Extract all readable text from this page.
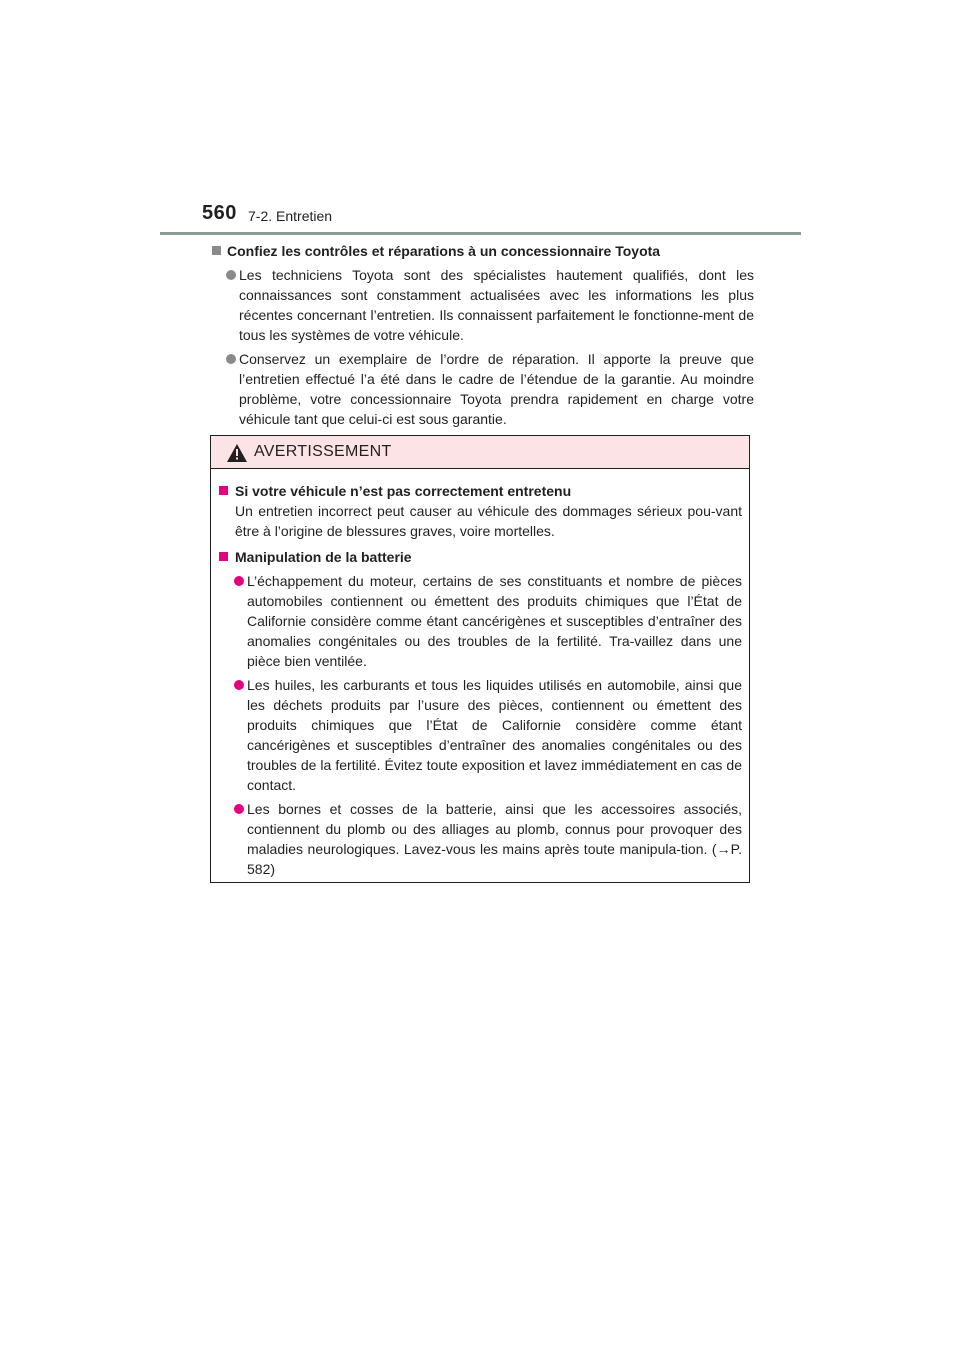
560 7-2. Entretien
Confiez les contrôles et réparations à un concessionnaire Toyota
Les techniciens Toyota sont des spécialistes hautement qualifiés, dont les connaissances sont constamment actualisées avec les informations les plus récentes concernant l’entretien. Ils connaissent parfaitement le fonctionne-ment de tous les systèmes de votre véhicule.
Conservez un exemplaire de l’ordre de réparation. Il apporte la preuve que l’entretien effectué l’a été dans le cadre de l’étendue de la garantie. Au moindre problème, votre concessionnaire Toyota prendra rapidement en charge votre véhicule tant que celui-ci est sous garantie.
AVERTISSEMENT
Si votre véhicule n’est pas correctement entretenu
Un entretien incorrect peut causer au véhicule des dommages sérieux pou-vant être à l’origine de blessures graves, voire mortelles.
Manipulation de la batterie
L’échappement du moteur, certains de ses constituants et nombre de pièces automobiles contiennent ou émettent des produits chimiques que l’État de Californie considère comme étant cancérigènes et susceptibles d’entraîner des anomalies congénitales ou des troubles de la fertilité. Tra-vaillez dans une pièce bien ventilée.
Les huiles, les carburants et tous les liquides utilisés en automobile, ainsi que les déchets produits par l’usure des pièces, contiennent ou émettent des produits chimiques que l’État de Californie considère comme étant cancérigènes et susceptibles d’entraîner des anomalies congénitales ou des troubles de la fertilité. Évitez toute exposition et lavez immédiatement en cas de contact.
Les bornes et cosses de la batterie, ainsi que les accessoires associés, contiennent du plomb ou des alliages au plomb, connus pour provoquer des maladies neurologiques. Lavez-vous les mains après toute manipula-tion. (→P. 582)
